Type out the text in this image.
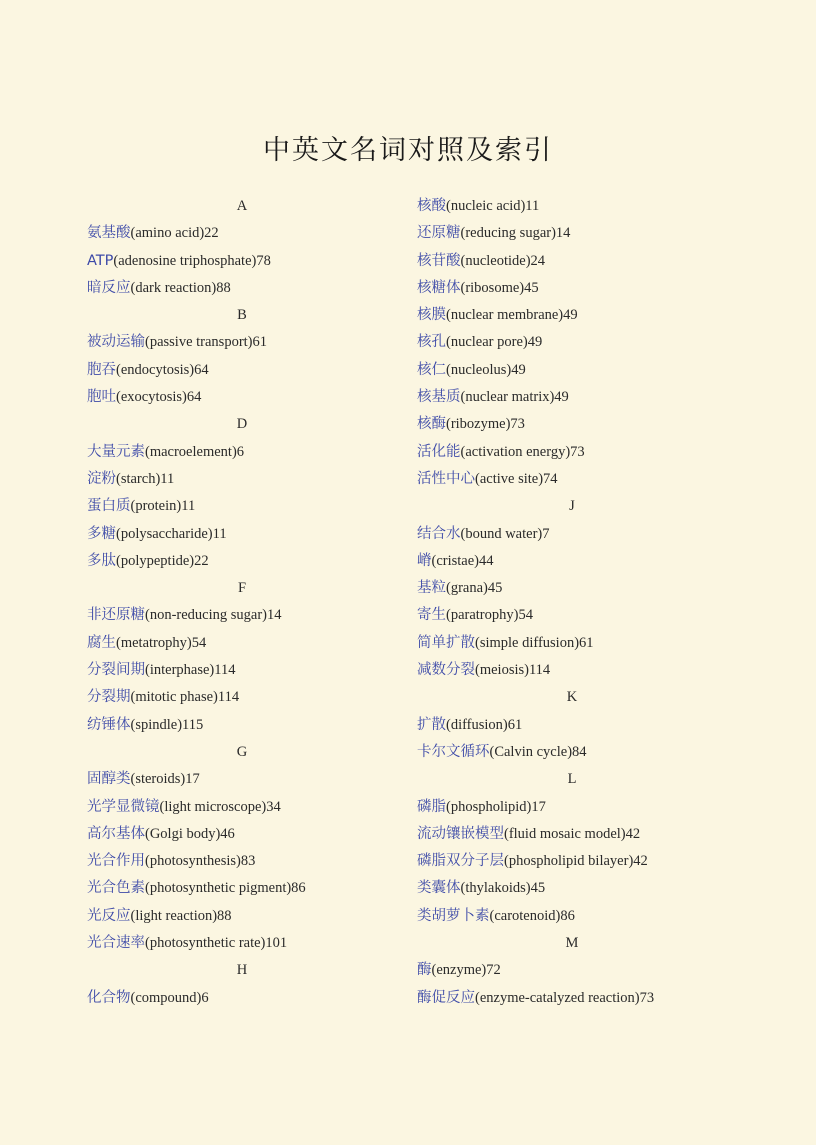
中英文名词对照及索引
A
氨基酸(amino acid)22
ATP(adenosine triphosphate)78
暗反应(dark reaction)88
B
被动运输(passive transport)61
胞吞(endocytosis)64
胞吐(exocytosis)64
D
大量元素(macroelement)6
淀粉(starch)11
蛋白质(protein)11
多糖(polysaccharide)11
多肽(polypeptide)22
F
非还原糖(non-reducing sugar)14
腐生(metatrophy)54
分裂间期(interphase)114
分裂期(mitotic phase)114
纺锤体(spindle)115
G
固醇类(steroids)17
光学显微镜(light microscope)34
高尔基体(Golgi body)46
光合作用(photosynthesis)83
光合色素(photosynthetic pigment)86
光反应(light reaction)88
光合速率(photosynthetic rate)101
H
化合物(compound)6
核酸(nucleic acid)11
还原糖(reducing sugar)14
核苷酸(nucleotide)24
核糖体(ribosome)45
核膜(nuclear membrane)49
核孔(nuclear pore)49
核仁(nucleolus)49
核基质(nuclear matrix)49
核酶(ribozyme)73
活化能(activation energy)73
活性中心(active site)74
J
结合水(bound water)7
嵴(cristae)44
基粒(grana)45
寄生(paratrophy)54
简单扩散(simple diffusion)61
减数分裂(meiosis)114
K
扩散(diffusion)61
卡尔文循环(Calvin cycle)84
L
磷脂(phospholipid)17
流动镶嵌模型(fluid mosaic model)42
磷脂双分子层(phospholipid bilayer)42
类囊体(thylakoids)45
类胡萝卜素(carotenoid)86
M
酶(enzyme)72
酶促反应(enzyme-catalyzed reaction)73
